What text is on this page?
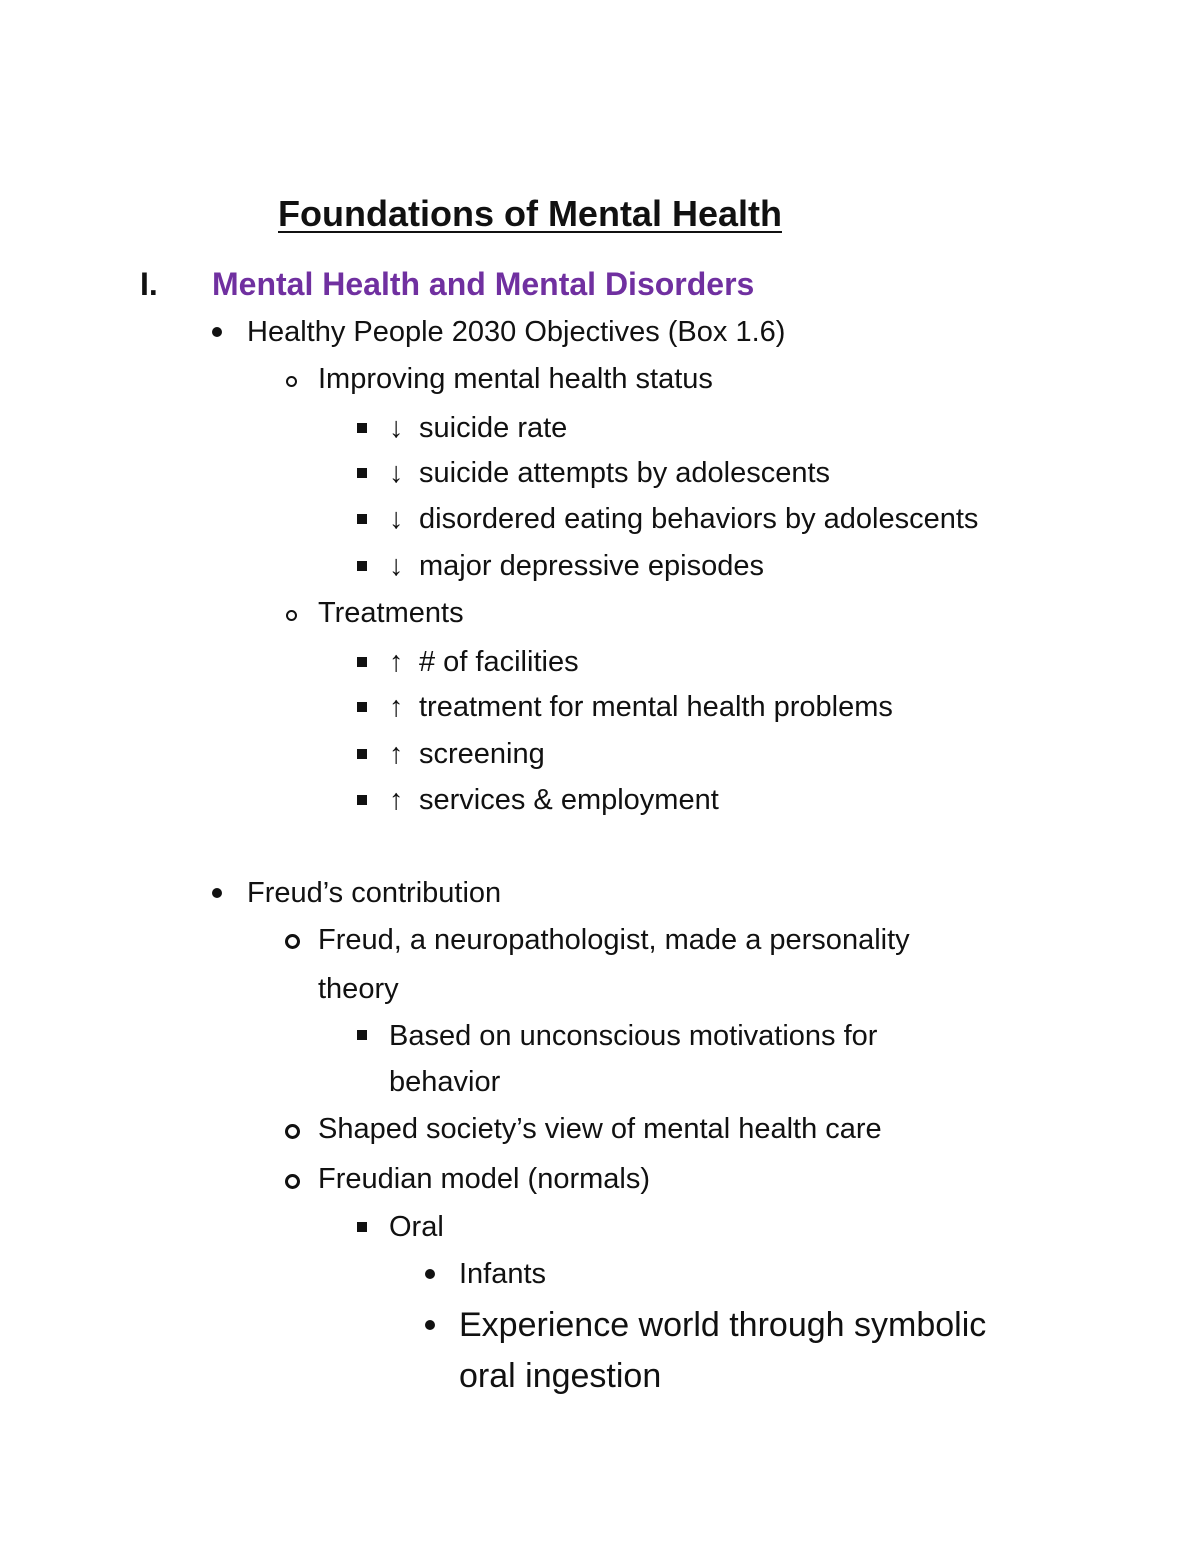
Foundations of Mental Health
I. Mental Health and Mental Disorders
Healthy People 2030 Objectives (Box 1.6)
Improving mental health status
↓ suicide rate
↓ suicide attempts by adolescents
↓ disordered eating behaviors by adolescents
↓ major depressive episodes
Treatments
↑ # of facilities
↑ treatment for mental health problems
↑ screening
↑ services & employment
Freud’s contribution
Freud, a neuropathologist, made a personality
theory
Based on unconscious motivations for
behavior
Shaped society’s view of mental health care
Freudian model (normals)
Oral
Infants
Experience world through symbolic
oral ingestion
